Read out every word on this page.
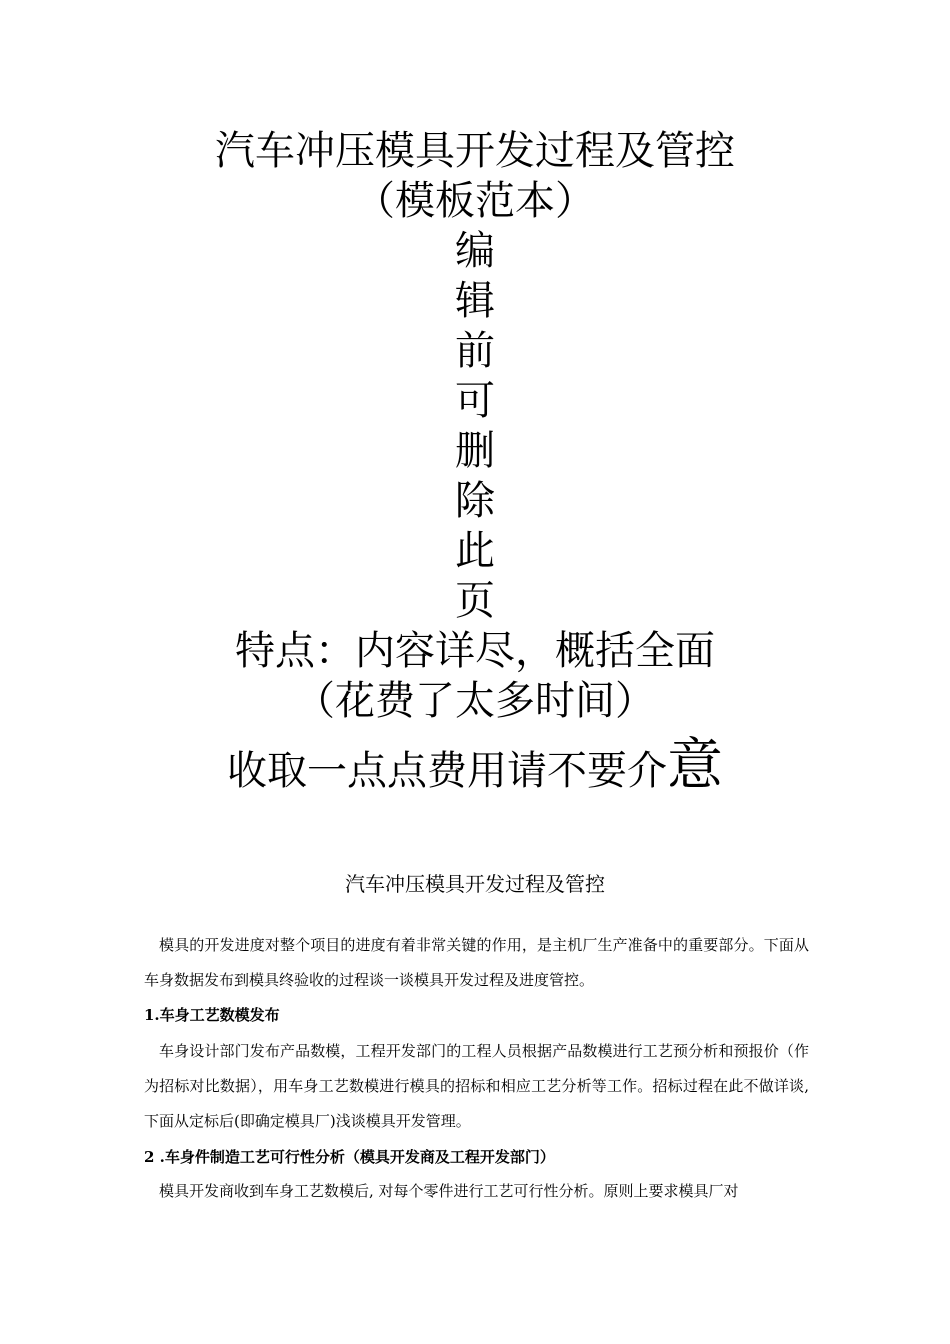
汽车冲压模具开发过程及管控
（模板范本）
编
辑
前
可
删
除
此
页
特点：内容详尽，概括全面
（花费了太多时间）
收取一点点费用请不要介意
汽车冲压模具开发过程及管控
模具的开发进度对整个项目的进度有着非常关键的作用，是主机厂生产准备中的重要部分。下面从车身数据发布到模具终验收的过程谈一谈模具开发过程及进度管控。
1.车身工艺数模发布
车身设计部门发布产品数模，工程开发部门的工程人员根据产品数模进行工艺预分析和预报价（作为招标对比数据），用车身工艺数模进行模具的招标和相应工艺分析等工作。招标过程在此不做详谈, 下面从定标后(即确定模具厂)浅谈模具开发管理。
2 .车身件制造工艺可行性分析（模具开发商及工程开发部门）
模具开发商收到车身工艺数模后, 对每个零件进行工艺可行性分析。原则上要求模具厂对
